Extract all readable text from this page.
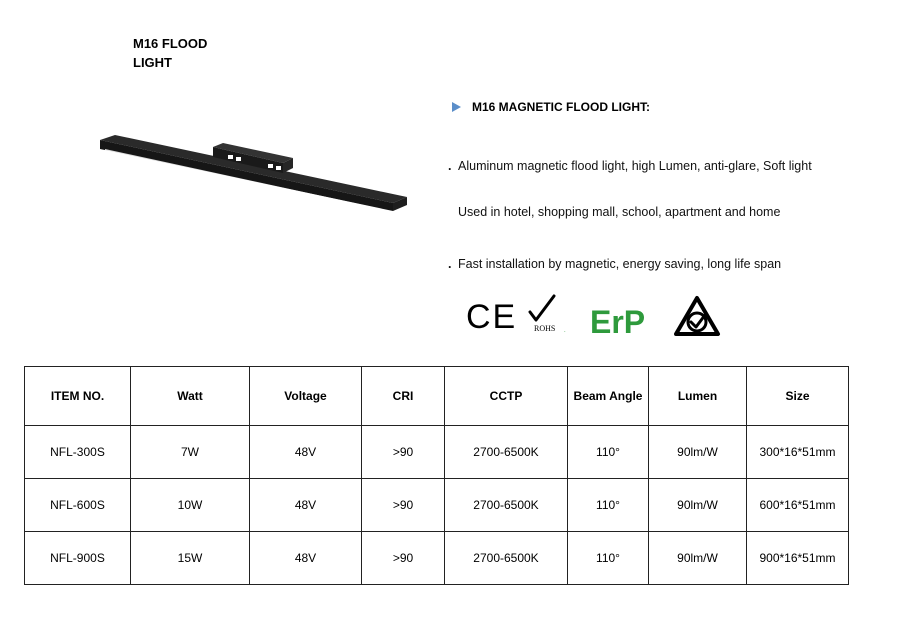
M16 FLOOD
LIGHT
M16 MAGNETIC FLOOD LIGHT:
. Aluminum magnetic flood light, high Lumen, anti-glare, Soft light
Used in hotel, shopping mall, school, apartment and home
. Fast installation by magnetic, energy saving, long life span
CE ROHS . ErP
ITEM NO.	Watt	Voltage	CRI	CCTP	Beam Angle	Lumen	Size
NFL-300S	7W	48V	>90	2700-6500K	110°	90lm/W	300*16*51mm
NFL-600S	10W	48V	>90	2700-6500K	110°	90lm/W	600*16*51mm
NFL-900S	15W	48V	>90	2700-6500K	110°	90lm/W	900*16*51mm
